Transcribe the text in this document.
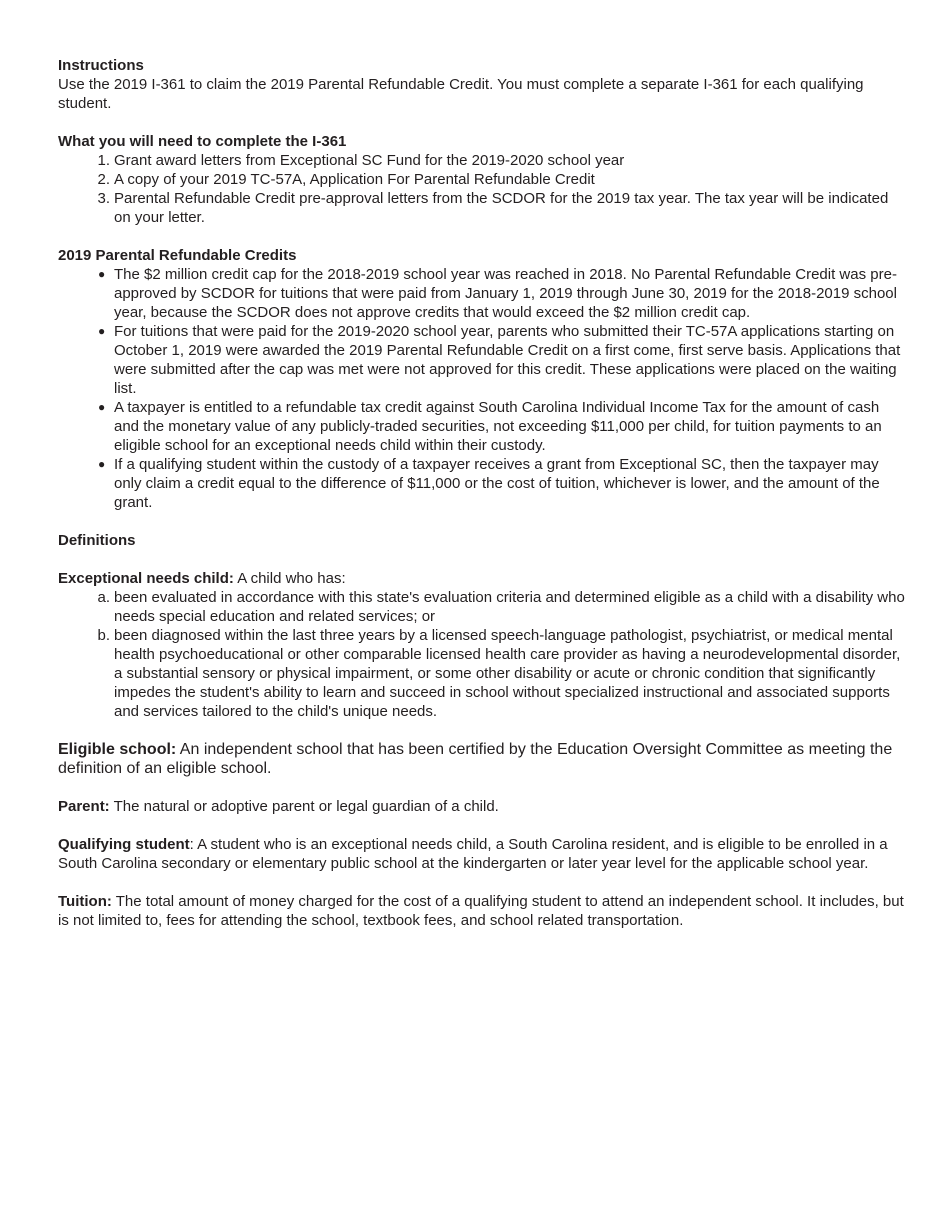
Instructions

Use the 2019 I-361 to claim the 2019 Parental Refundable Credit. You must complete a separate I-361 for each qualifying student.

What you will need to complete the I-361

1. Grant award letters from Exceptional SC Fund for the 2019-2020 school year
2. A copy of your 2019 TC-57A, Application For Parental Refundable Credit
3. Parental Refundable Credit pre-approval letters from the SCDOR for the 2019 tax year. The tax year will be indicated on your letter.

2019 Parental Refundable Credits

● The $2 million credit cap for the 2018-2019 school year was reached in 2018. No Parental Refundable Credit was pre-approved by SCDOR for tuitions that were paid from January 1, 2019 through June 30, 2019 for the 2018-2019 school year, because the SCDOR does not approve credits that would exceed the $2 million credit cap.
● For tuitions that were paid for the 2019-2020 school year, parents who submitted their TC-57A applications starting on October 1, 2019 were awarded the 2019 Parental Refundable Credit on a first come, first serve basis. Applications that were submitted after the cap was met were not approved for this credit. These applications were placed on the waiting list.
● A taxpayer is entitled to a refundable tax credit against South Carolina Individual Income Tax for the amount of cash and the monetary value of any publicly-traded securities, not exceeding $11,000 per child, for tuition payments to an eligible school for an exceptional needs child within their custody.
● If a qualifying student within the custody of a taxpayer receives a grant from Exceptional SC, then the taxpayer may only claim a credit equal to the difference of $11,000 or the cost of tuition, whichever is lower, and the amount of the grant.

Definitions

Exceptional needs child: A child who has:

a. been evaluated in accordance with this state's evaluation criteria and determined eligible as a child with a disability who needs special education and related services; or
b. been diagnosed within the last three years by a licensed speech-language pathologist, psychiatrist, or medical mental health psychoeducational or other comparable licensed health care provider as having a neurodevelopmental disorder, a substantial sensory or physical impairment, or some other disability or acute or chronic condition that significantly impedes the student's ability to learn and succeed in school without specialized instructional and associated supports and services tailored to the child's unique needs.

Eligible school: An independent school that has been certified by the Education Oversight Committee as meeting the definition of an eligible school.

Parent: The natural or adoptive parent or legal guardian of a child.

Qualifying student: A student who is an exceptional needs child, a South Carolina resident, and is eligible to be enrolled in a South Carolina secondary or elementary public school at the kindergarten or later year level for the applicable school year.

Tuition: The total amount of money charged for the cost of a qualifying student to attend an independent school. It includes, but is not limited to, fees for attending the school, textbook fees, and school related transportation.
